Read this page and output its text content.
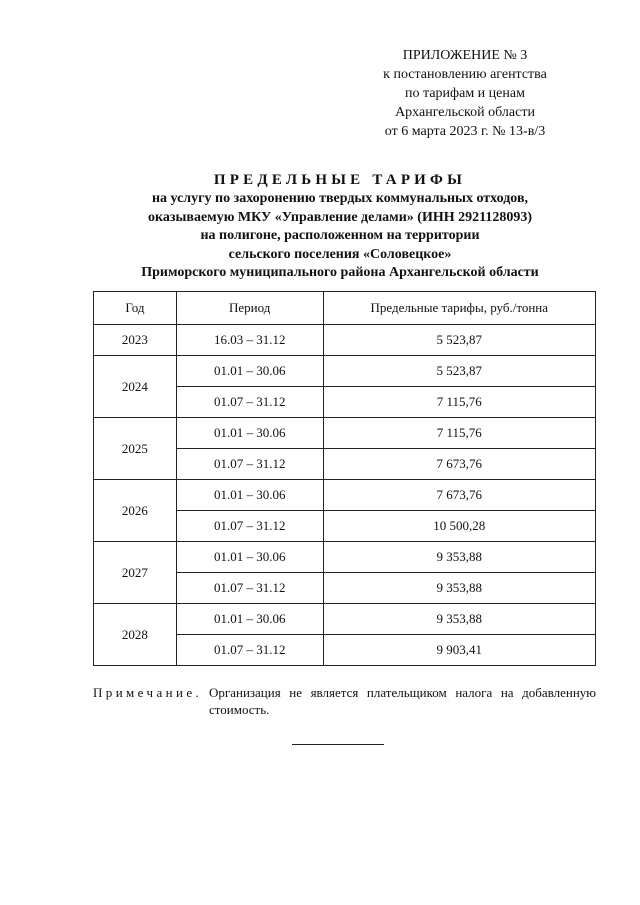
ПРИЛОЖЕНИЕ № 3
к постановлению агентства
по тарифам и ценам
Архангельской области
от 6 марта 2023 г. № 13-в/3
ПРЕДЕЛЬНЫЕ ТАРИФЫ
на услугу по захоронению твердых коммунальных отходов,
оказываемую МКУ «Управление делами» (ИНН 2921128093)
на полигоне, расположенном на территории
сельского поселения «Соловецкое»
Приморского муниципального района Архангельской области
Год	Период	Предельные тарифы, руб./тонна
2023	16.03 – 31.12	5 523,87
2024	01.01 – 30.06	5 523,87
	01.07 – 31.12	7 115,76
2025	01.01 – 30.06	7 115,76
	01.07 – 31.12	7 673,76
2026	01.01 – 30.06	7 673,76
	01.07 – 31.12	10 500,28
2027	01.01 – 30.06	9 353,88
	01.07 – 31.12	9 353,88
2028	01.01 – 30.06	9 353,88
	01.07 – 31.12	9 903,41
Примечание. Организация не является плательщиком налога на добавленную стоимость.
